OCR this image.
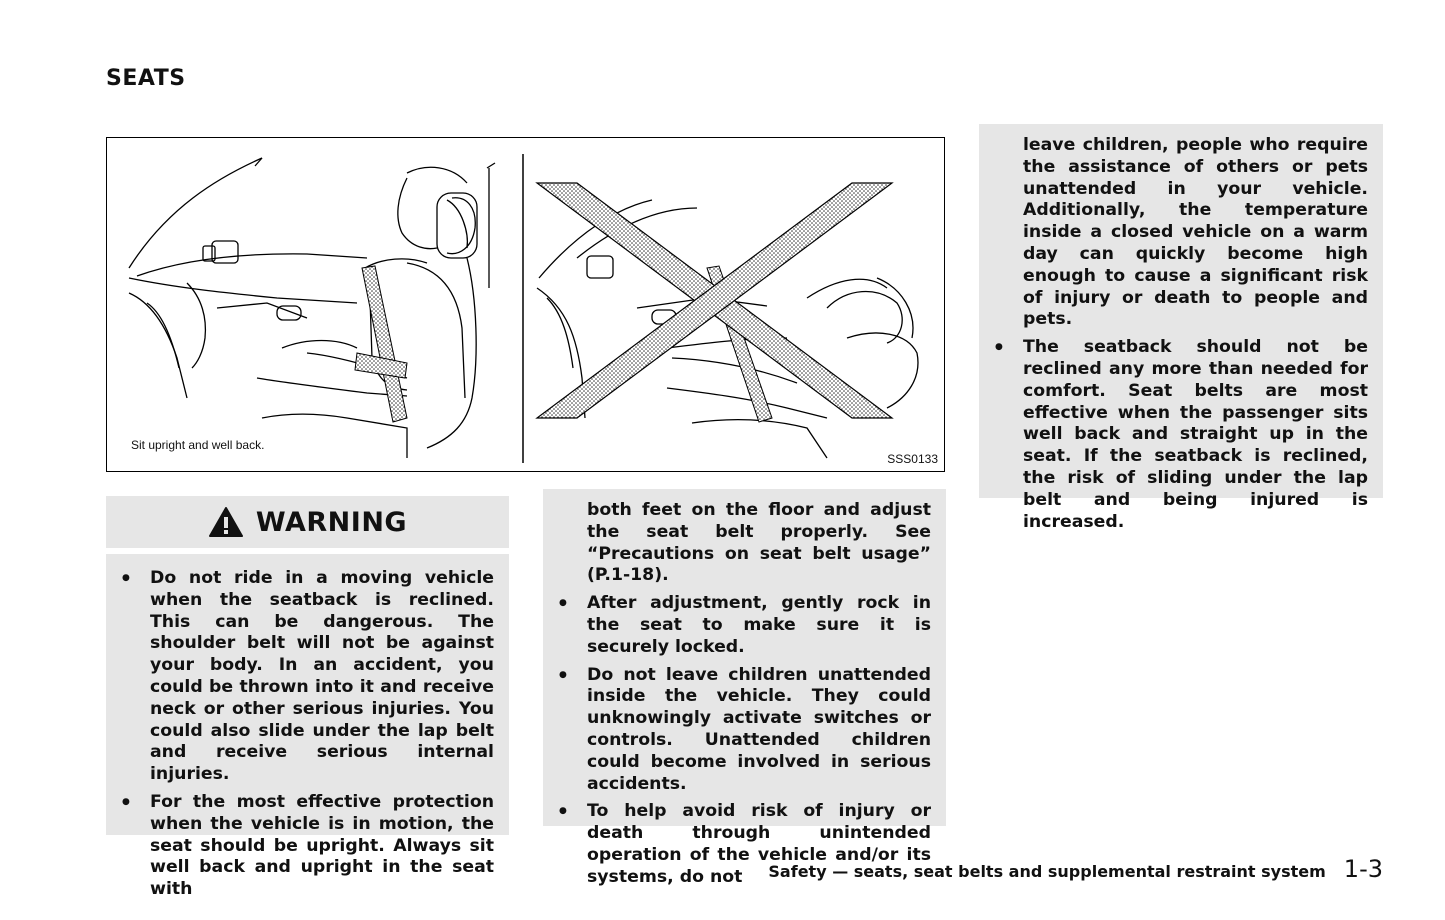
SEATS
Sit upright and well back.
SSS0133
WARNING
● Do not ride in a moving vehicle when the seatback is reclined. This can be dangerous. The shoulder belt will not be against your body. In an accident, you could be thrown into it and receive neck or other serious injuries. You could also slide under the lap belt and receive serious internal injuries.
● For the most effective protection when the vehicle is in motion, the seat should be upright. Always sit well back and upright in the seat with
both feet on the floor and adjust the seat belt properly. See “Precautions on seat belt usage” (P.1-18).
● After adjustment, gently rock in the seat to make sure it is securely locked.
● Do not leave children unattended inside the vehicle. They could unknowingly activate switches or controls. Unattended children could become involved in serious accidents.
● To help avoid risk of injury or death through unintended operation of the vehicle and/or its systems, do not
leave children, people who require the assistance of others or pets unattended in your vehicle. Additionally, the temperature inside a closed vehicle on a warm day can quickly become high enough to cause a significant risk of injury or death to people and pets.
● The seatback should not be reclined any more than needed for comfort. Seat belts are most effective when the passenger sits well back and straight up in the seat. If the seatback is reclined, the risk of sliding under the lap belt and being injured is increased.
Safety — seats, seat belts and supplemental restraint system 1-3
